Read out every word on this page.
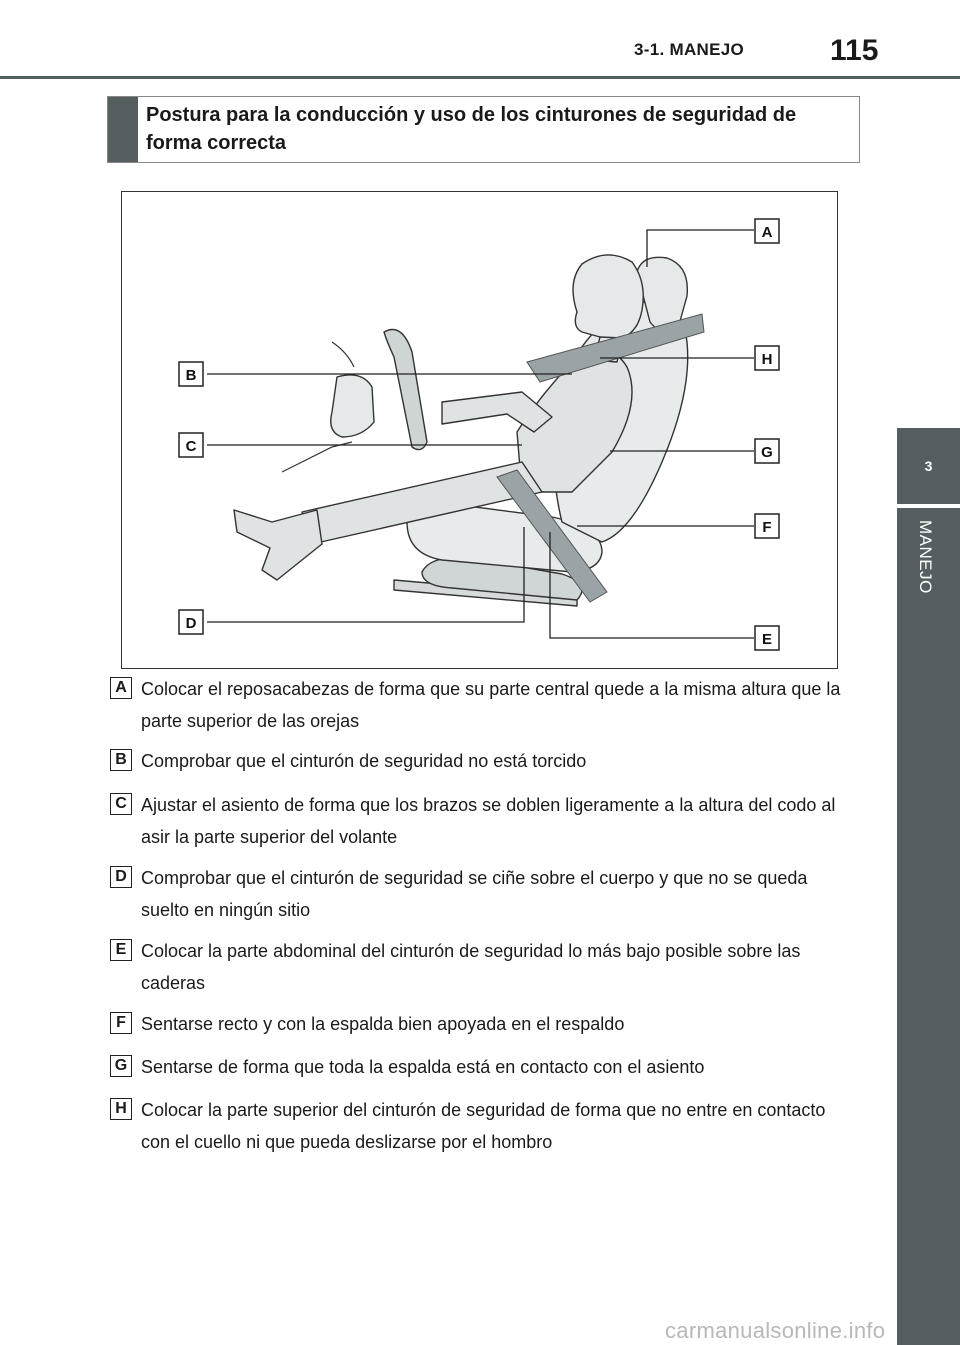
3-1. MANEJO	115
3
MANEJO
Postura para la conducción y uso de los cinturones de seguridad de forma correcta
A
B
C
D
E
F
G
H
A Colocar el reposacabezas de forma que su parte central quede a la misma altura que la parte superior de las orejas
B Comprobar que el cinturón de seguridad no está torcido
C Ajustar el asiento de forma que los brazos se doblen ligeramente a la altura del codo al asir la parte superior del volante
D Comprobar que el cinturón de seguridad se ciñe sobre el cuerpo y que no se queda suelto en ningún sitio
E Colocar la parte abdominal del cinturón de seguridad lo más bajo posible sobre las caderas
F Sentarse recto y con la espalda bien apoyada en el respaldo
G Sentarse de forma que toda la espalda está en contacto con el asiento
H Colocar la parte superior del cinturón de seguridad de forma que no entre en contacto con el cuello ni que pueda deslizarse por el hombro
carmanualsonline.info
